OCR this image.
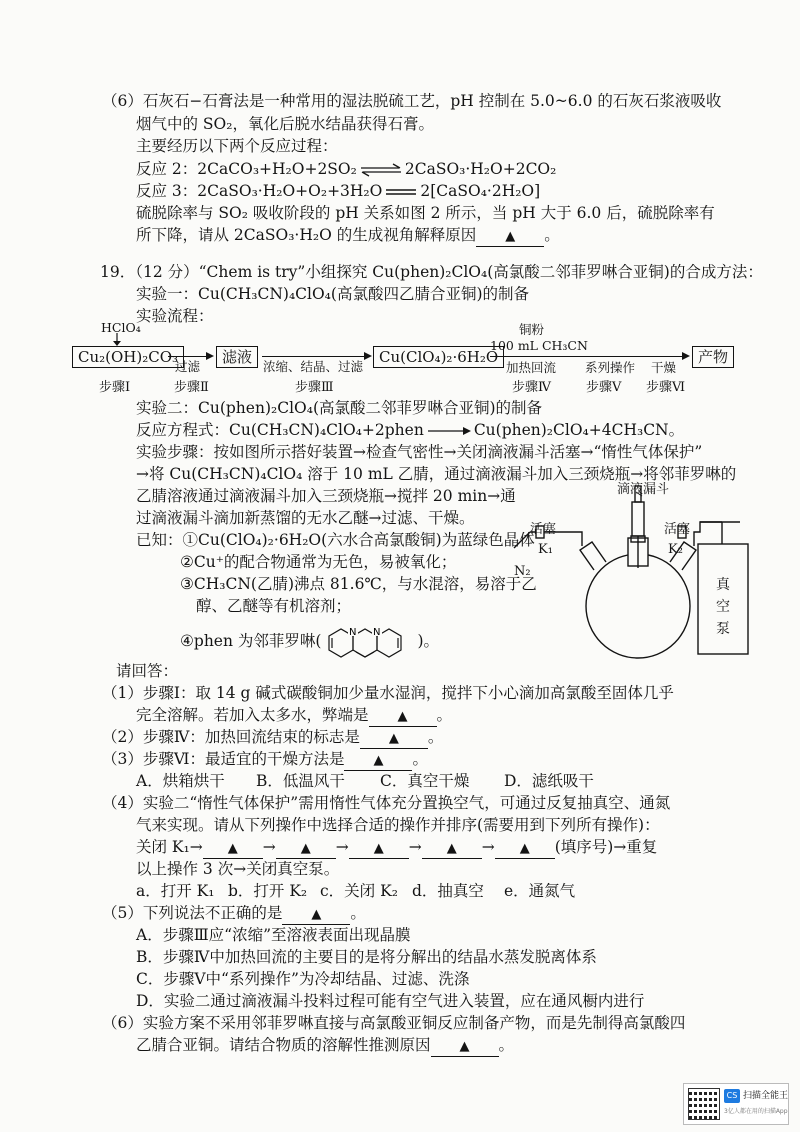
（6）石灰石−石膏法是一种常用的湿法脱硫工艺，pH 控制在 5.0~6.0 的石灰石浆液吸收
烟气中的 SO₂，氧化后脱水结晶获得石膏。
主要经历以下两个反应过程：
反应 2：2CaCO₃+H₂O+2SO₂ ⇌ 2CaSO₃·H₂O+2CO₂
反应 3：2CaSO₃·H₂O+O₂+3H₂O 2[CaSO₄·2H₂O]
硫脱除率与 SO₂ 吸收阶段的 pH 关系如图 2 所示，当 pH 大于 6.0 后，硫脱除率有
所下降，请从 2CaSO₃·H₂O 的生成视角解释原因 ▲ 。
19．（12 分）“Chem is try”小组探究 Cu(phen)₂ClO₄(高氯酸二邻菲罗啉合亚铜)的合成方法：
实验一：Cu(CH₃CN)₄ClO₄(高氯酸四乙腈合亚铜)的制备
实验流程：
HClO₄
Cu₂(OH)₂CO₃
过滤
滤液
浓缩、结晶、过滤
Cu(ClO₄)₂·6H₂O
铜粉
100 mL CH₃CN
加热回流 系列操作 干燥
产物
步骤Ⅰ	步骤Ⅱ	步骤Ⅲ	步骤Ⅳ	步骤Ⅴ 步骤Ⅵ
实验二：Cu(phen)₂ClO₄(高氯酸二邻菲罗啉合亚铜)的制备
反应方程式：Cu(CH₃CN)₄ClO₄+2phen → Cu(phen)₂ClO₄+4CH₃CN。
实验步骤：按如图所示搭好装置→检查气密性→关闭滴液漏斗活塞→“惰性气体保护”
→将 Cu(CH₃CN)₄ClO₄ 溶于 10 mL 乙腈，通过滴液漏斗加入三颈烧瓶→将邻菲罗啉的
乙腈溶液通过滴液漏斗加入三颈烧瓶→搅拌 20 min→通
过滴液漏斗滴加新蒸馏的无水乙醚→过滤、干燥。
已知：①Cu(ClO₄)₂·6H₂O(六水合高氯酸铜)为蓝绿色晶体
②Cu⁺的配合物通常为无色，易被氧化；
③CH₃CN(乙腈)沸点 81.6℃，与水混溶，易溶于乙
醇、乙醚等有机溶剂；
④phen 为邻菲罗啉(	N N )。
滴液漏斗
活塞
K₁
活塞
K₂
N₂
真空泵
请回答：
（1）步骤Ⅰ：取 14 g 碱式碳酸铜加少量水湿润，搅拌下小心滴加高氯酸至固体几乎
完全溶解。若加入太多水，弊端是 ▲ 。
（2）步骤Ⅳ：加热回流结束的标志是 ▲ 。
（3）步骤Ⅵ：最适宜的干燥方法是 ▲ 。
A．烘箱烘干 B．低温风干 C．真空干燥 D．滤纸吸干
（4）实验二“惰性气体保护”需用惰性气体充分置换空气，可通过反复抽真空、通氮
气来实现。请从下列操作中选择合适的操作并排序(需要用到下列所有操作)：
关闭 K₁→ ▲ → ▲ → ▲ → ▲ → ▲ (填序号)→重复
以上操作 3 次→关闭真空泵。
a．打开 K₁ b．打开 K₂ c．关闭 K₂ d．抽真空 e．通氮气
（5）下列说法不正确的是 ▲ 。
A．步骤Ⅲ应“浓缩”至溶液表面出现晶膜
B．步骤Ⅳ中加热回流的主要目的是将分解出的结晶水蒸发脱离体系
C．步骤Ⅴ中“系列操作”为冷却结晶、过滤、洗涤
D．实验二通过滴液漏斗投料过程可能有空气进入装置，应在通风橱内进行
（6）实验方案不采用邻菲罗啉直接与高氯酸亚铜反应制备产物，而是先制得高氯酸四
乙腈合亚铜。请结合物质的溶解性推测原因 ▲ 。
CS 扫描全能王
3亿人都在用的扫描App
